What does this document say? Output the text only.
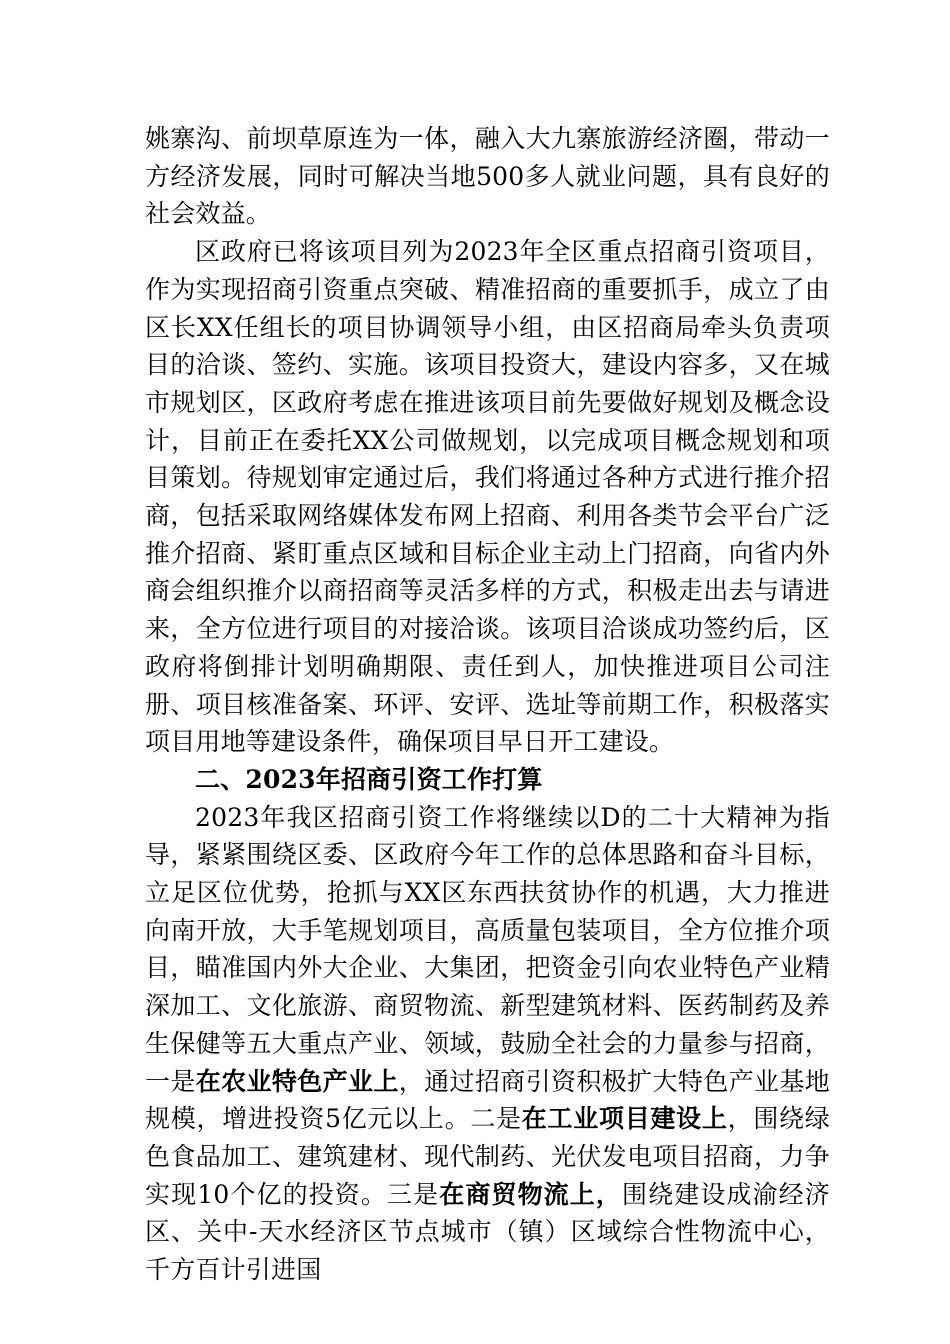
姚寨沟、前坝草原连为一体，融入大九寨旅游经济圈，带动一方经济发展，同时可解决当地500多人就业问题，具有良好的社会效益。

区政府已将该项目列为2023年全区重点招商引资项目，作为实现招商引资重点突破、精准招商的重要抓手，成立了由区长XX任组长的项目协调领导小组，由区招商局牵头负责项目的洽谈、签约、实施。该项目投资大，建设内容多，又在城市规划区，区政府考虑在推进该项目前先要做好规划及概念设计，目前正在委托XX公司做规划，以完成项目概念规划和项目策划。待规划审定通过后，我们将通过各种方式进行推介招商，包括采取网络媒体发布网上招商、利用各类节会平台广泛推介招商、紧盯重点区域和目标企业主动上门招商，向省内外商会组织推介以商招商等灵活多样的方式，积极走出去与请进来，全方位进行项目的对接洽谈。该项目洽谈成功签约后，区政府将倒排计划明确期限、责任到人，加快推进项目公司注册、项目核准备案、环评、安评、选址等前期工作，积极落实项目用地等建设条件，确保项目早日开工建设。

二、2023年招商引资工作打算

2023年我区招商引资工作将继续以D的二十大精神为指导，紧紧围绕区委、区政府今年工作的总体思路和奋斗目标，立足区位优势，抢抓与XX区东西扶贫协作的机遇，大力推进向南开放，大手笔规划项目，高质量包装项目，全方位推介项目，瞄准国内外大企业、大集团，把资金引向农业特色产业精深加工、文化旅游、商贸物流、新型建筑材料、医药制药及养生保健等五大重点产业、领域，鼓励全社会的力量参与招商，一是在农业特色产业上，通过招商引资积极扩大特色产业基地规模，增进投资5亿元以上。二是在工业项目建设上，围绕绿色食品加工、建筑建材、现代制药、光伏发电项目招商，力争实现10个亿的投资。三是在商贸物流上，围绕建设成渝经济区、关中-天水经济区节点城市（镇）区域综合性物流中心，千方百计引进国
